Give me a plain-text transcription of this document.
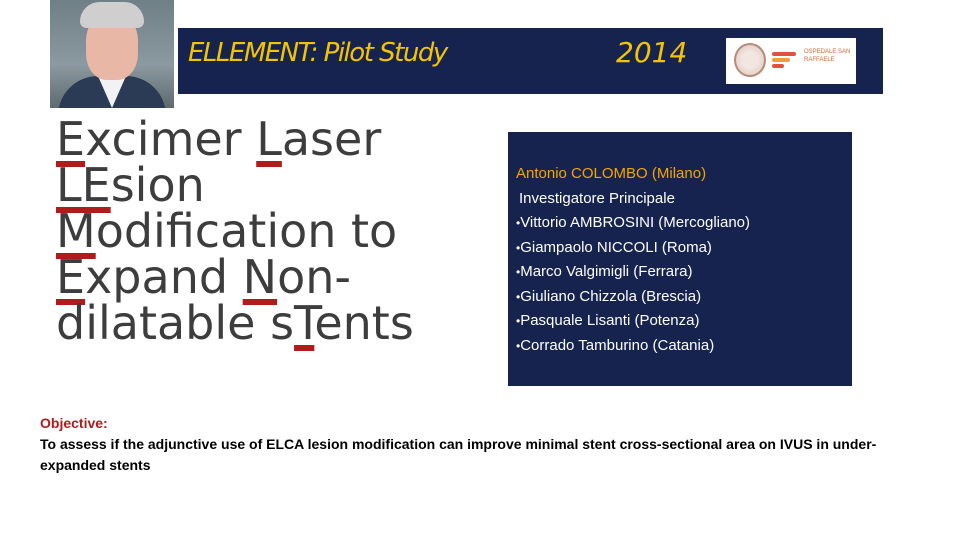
ELLEMENT: Pilot Study	2014	OSPEDALE SAN RAFFAELE
Excimer Laser
LEsion
Modification to
Expand Non-
dilatable sTents
Antonio COLOMBO (Milano)
Investigatore Principale
•Vittorio AMBROSINI (Mercogliano)
•Giampaolo NICCOLI (Roma)
•Marco Valgimigli (Ferrara)
•Giuliano Chizzola (Brescia)
•Pasquale Lisanti (Potenza)
•Corrado Tamburino (Catania)
Objective:
To assess if the adjunctive use of ELCA lesion modification can improve minimal stent cross-sectional area on IVUS in under-expanded stents
